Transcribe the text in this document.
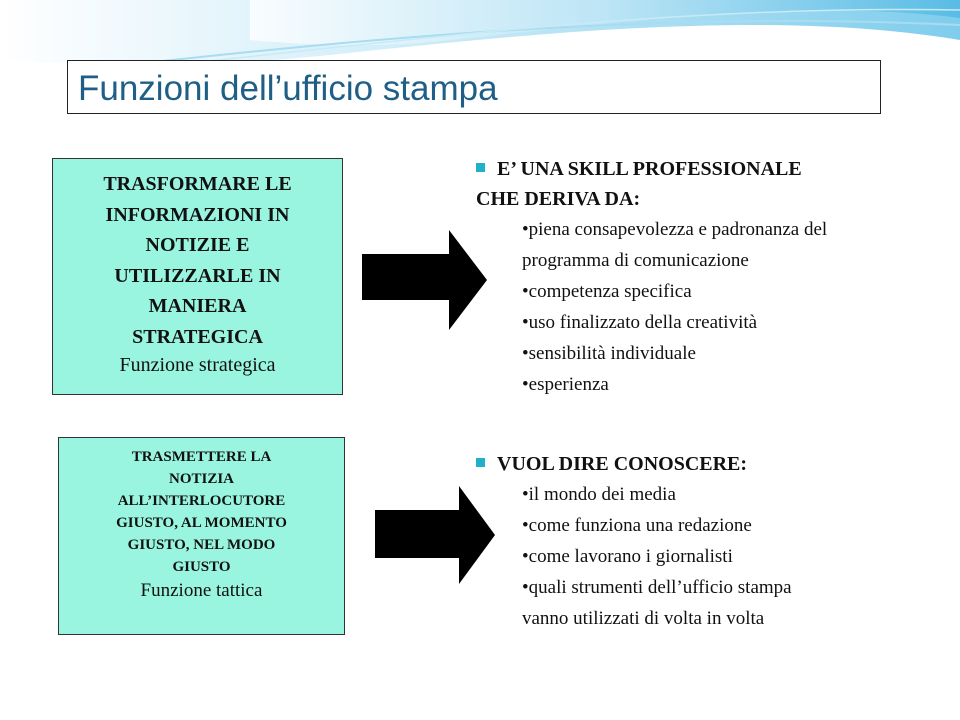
Funzioni dell’ufficio stampa
TRASFORMARE LE
INFORMAZIONI IN
NOTIZIE E
UTILIZZARLE IN
MANIERA
STRATEGICA
Funzione strategica
TRASMETTERE LA
NOTIZIA
ALL’INTERLOCUTORE
GIUSTO, AL MOMENTO
GIUSTO, NEL MODO
GIUSTO
Funzione tattica
E’ UNA SKILL PROFESSIONALE
CHE DERIVA DA:
•piena consapevolezza e padronanza del
programma di comunicazione
•competenza specifica
•uso finalizzato della creatività
•sensibilità individuale
•esperienza
VUOL DIRE CONOSCERE:
•il mondo dei media
•come funziona una redazione
•come lavorano i giornalisti
•quali strumenti dell’ufficio stampa
vanno utilizzati di volta in volta
